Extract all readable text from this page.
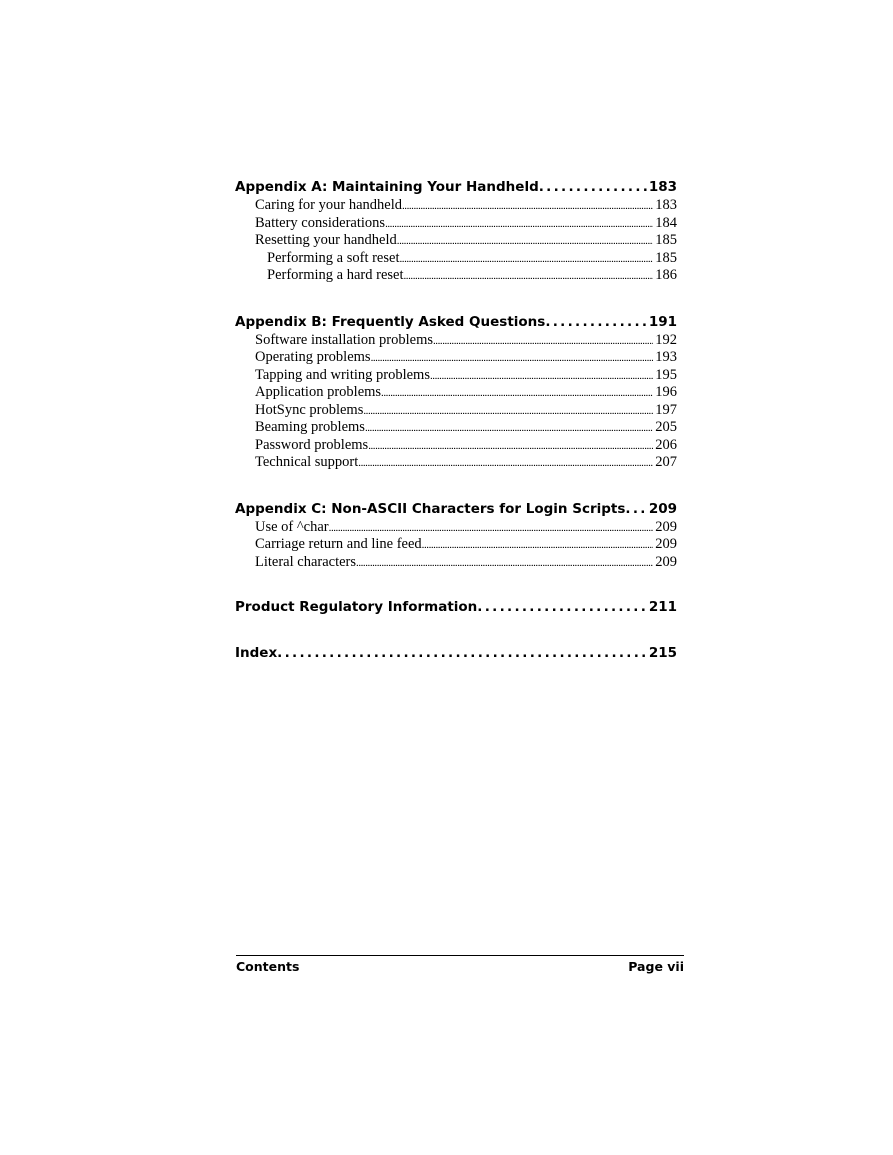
Appendix A: Maintaining Your Handheld . . .	183
Caring for your handheld . . .	183
Battery considerations . . .	184
Resetting your handheld . . .	185
Performing a soft reset . . .	185
Performing a hard reset . . .	186
Appendix B: Frequently Asked Questions . . .	191
Software installation problems . . .	192
Operating problems . . .	193
Tapping and writing problems . . .	195
Application problems . . .	196
HotSync problems . . .	197
Beaming problems . . .	205
Password problems . . .	206
Technical support . . .	207
Appendix C: Non-ASCII Characters for Login Scripts . . . 209
Use of ^char . . .	209
Carriage return and line feed . . .	209
Literal characters . . .	209
Product Regulatory Information . . .	211
Index . . .	215
Contents	Page vii
